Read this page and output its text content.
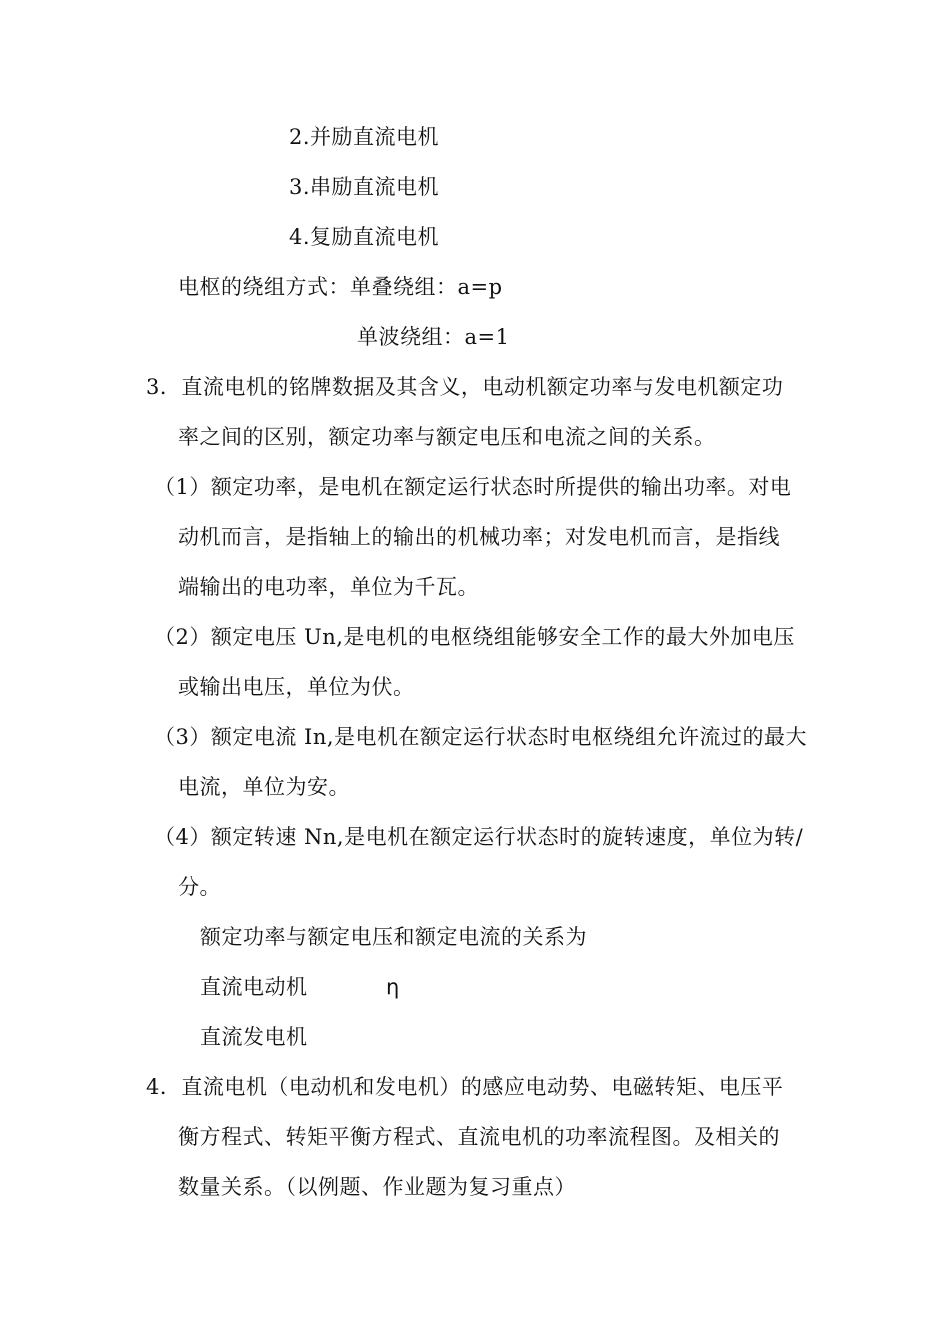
2.并励直流电机
3.串励直流电机
4.复励直流电机
电枢的绕组方式：单叠绕组：a=p
单波绕组：a=1
3．直流电机的铭牌数据及其含义，电动机额定功率与发电机额定功
率之间的区别，额定功率与额定电压和电流之间的关系。
（1）额定功率，是电机在额定运行状态时所提供的输出功率。对电
动机而言，是指轴上的输出的机械功率；对发电机而言，是指线
端输出的电功率，单位为千瓦。
（2）额定电压 Un,是电机的电枢绕组能够安全工作的最大外加电压
或输出电压，单位为伏。
（3）额定电流 In,是电机在额定运行状态时电枢绕组允许流过的最大
电流，单位为安。
（4）额定转速 Nn,是电机在额定运行状态时的旋转速度，单位为转/
分。
额定功率与额定电压和额定电流的关系为
直流电动机	η
直流发电机
4．直流电机（电动机和发电机）的感应电动势、电磁转矩、电压平
衡方程式、转矩平衡方程式、直流电机的功率流程图。及相关的
数量关系。（以例题、作业题为复习重点）
